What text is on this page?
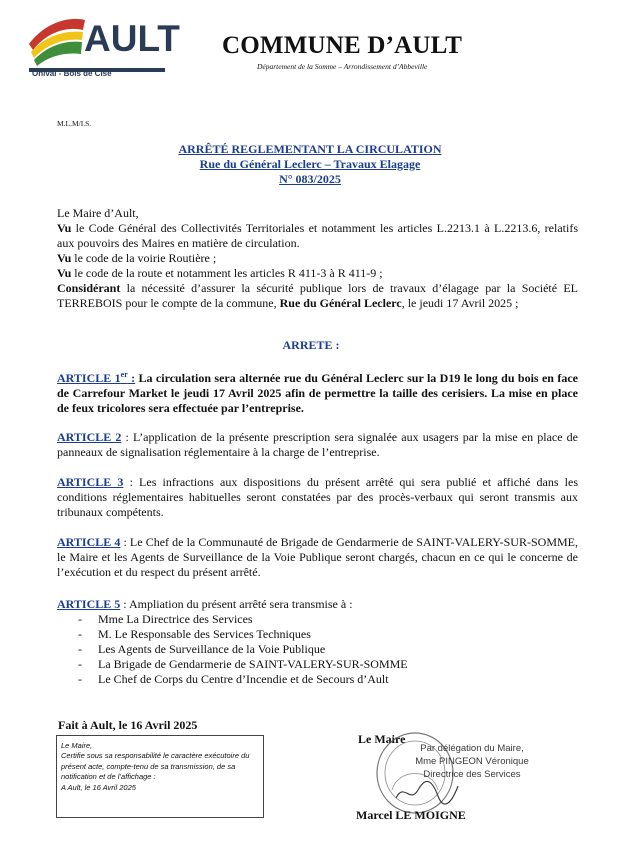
AULT
Onival - Bois de Cise
COMMUNE D’AULT
Département de la Somme – Arrondissement d’Abbeville
M.L.M/I.S.
ARRÊTÉ REGLEMENTANT LA CIRCULATION
Rue du Général Leclerc – Travaux Elagage
N° 083/2025
Le Maire d’Ault,
Vu le Code Général des Collectivités Territoriales et notamment les articles L.2213.1 à L.2213.6, relatifs aux pouvoirs des Maires en matière de circulation.
Vu le code de la voirie Routière ;
Vu le code de la route et notamment les articles R 411-3 à R 411-9 ;
Considérant la nécessité d’assurer la sécurité publique lors de travaux d’élagage par la Société EL TERREBOIS pour le compte de la commune, Rue du Général Leclerc, le jeudi 17 Avril 2025 ;
ARRETE :
ARTICLE 1er : La circulation sera alternée rue du Général Leclerc sur la D19 le long du bois en face de Carrefour Market le jeudi 17 Avril 2025 afin de permettre la taille des cerisiers. La mise en place de feux tricolores sera effectuée par l’entreprise.
ARTICLE 2 : L’application de la présente prescription sera signalée aux usagers par la mise en place de panneaux de signalisation réglementaire à la charge de l’entreprise.
ARTICLE 3 : Les infractions aux dispositions du présent arrêté qui sera publié et affiché dans les conditions réglementaires habituelles seront constatées par des procès-verbaux qui seront transmis aux tribunaux compétents.
ARTICLE 4 : Le Chef de la Communauté de Brigade de Gendarmerie de SAINT-VALERY-SUR-SOMME, le Maire et les Agents de Surveillance de la Voie Publique seront chargés, chacun en ce qui le concerne de l’exécution et du respect du présent arrêté.
ARTICLE 5 : Ampliation du présent arrêté sera transmise à :
- Mme La Directrice des Services
- M. Le Responsable des Services Techniques
- Les Agents de Surveillance de la Voie Publique
- La Brigade de Gendarmerie de SAINT-VALERY-SUR-SOMME
- Le Chef de Corps du Centre d’Incendie et de Secours d’Ault
Fait à Ault, le 16 Avril 2025
Le Maire,
Certifie sous sa responsabilité le caractère exécutoire du présent acte, compte-tenu de sa transmission, de sa notification et de l’affichage :
A Ault, le 16 Avril 2025
Le Maire
Par délégation du Maire,
Mme PINGEON Véronique
Directrice des Services
Marcel LE MOIGNE
